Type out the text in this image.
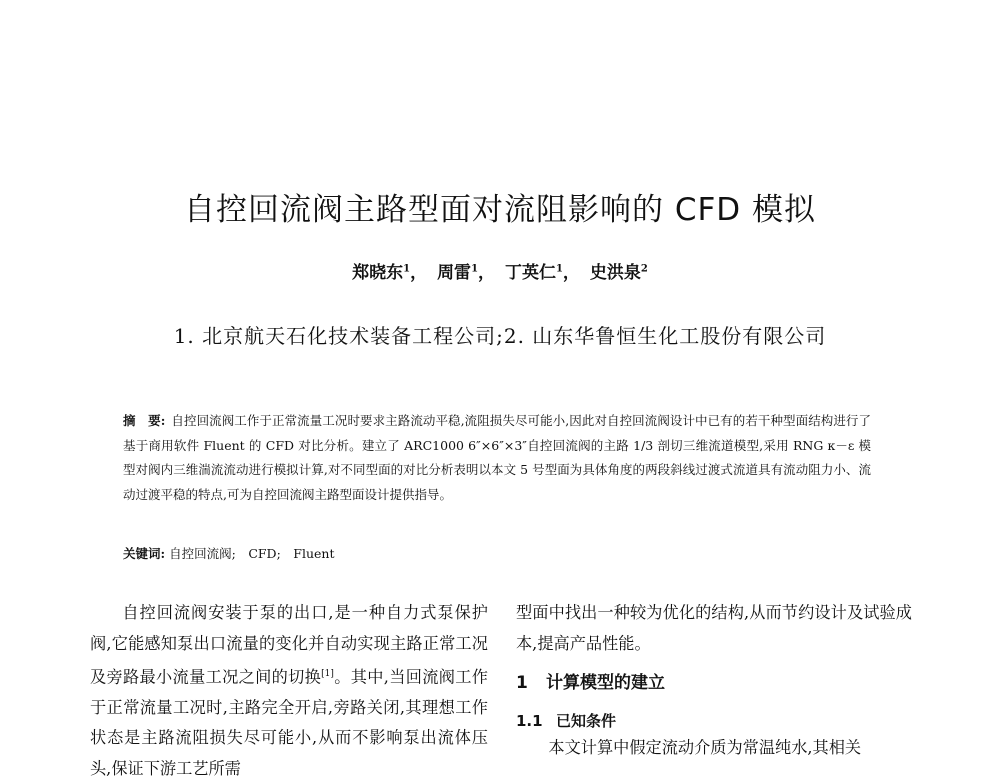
自控回流阀主路型面对流阻影响的 CFD 模拟
郑晓东$^1$， 周雷$^1$， 丁英仁$^1$， 史洪泉$^2$
1. 北京航天石化技术装备工程公司;2. 山东华鲁恒生化工股份有限公司
摘　要: 自控回流阀工作于正常流量工况时要求主路流动平稳,流阻损失尽可能小,因此对自控回流阀设计中已有的若干种型面结构进行了基于商用软件 Fluent 的 CFD 对比分析。建立了 ARC1000 6″×6″×3″自控回流阀的主路 1/3 剖切三维流道模型,采用 RNG κ－ε 模型对阀内三维湍流流动进行模拟计算,对不同型面的对比分析表明以本文 5 号型面为具体角度的两段斜线过渡式流道具有流动阻力小、流动过渡平稳的特点,可为自控回流阀主路型面设计提供指导。
关键词: 自控回流阀;　CFD;　Fluent

自控回流阀安装于泵的出口,是一种自力式泵保护阀,它能感知泵出口流量的变化并自动实现主路正常工况及旁路最小流量工况之间的切换[1]。其中,当回流阀工作于正常流量工况时,主路完全开启,旁路关闭,其理想工作状态是主路流阻损失尽可能小,从而不影响泵出流体压头,保证下游工艺所需

型面中找出一种较为优化的结构,从而节约设计及试验成本,提高产品性能。

1 计算模型的建立
1.1 已知条件
本文计算中假定流动介质为常温纯水,其相关
